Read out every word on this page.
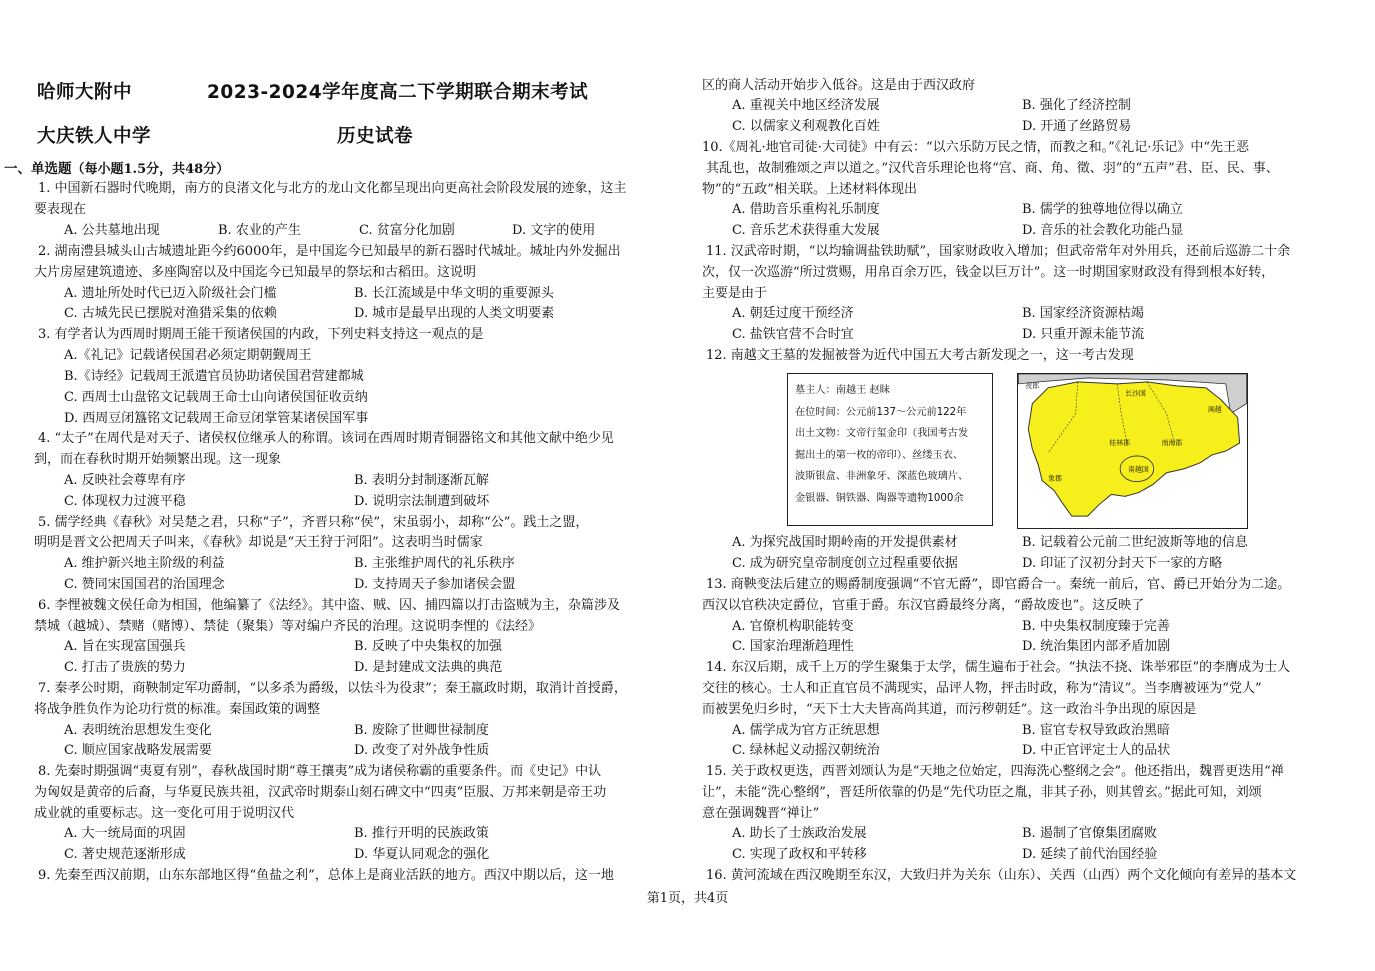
哈师大附中	2023-2024学年度高二下学期联合期末考试
大庆铁人中学	历史试卷
一、单选题（每小题1.5分，共48分）
1. 中国新石器时代晚期，南方的良渚文化与北方的龙山文化都呈现出向更高社会阶段发展的迹象，这主
要表现在
A. 公共墓地出现	B. 农业的产生	C. 贫富分化加剧	D. 文字的使用
2. 湖南澧县城头山古城遗址距今约6000年，是中国迄今已知最早的新石器时代城址。城址内外发掘出
大片房屋建筑遗迹、多座陶窑以及中国迄今已知最早的祭坛和古稻田。这说明
A. 遗址所处时代已迈入阶级社会门槛	B. 长江流域是中华文明的重要源头
C. 古城先民已摆脱对渔猎采集的依赖	D. 城市是最早出现的人类文明要素
3. 有学者认为西周时期周王能干预诸侯国的内政，下列史料支持这一观点的是
A.《礼记》记载诸侯国君必须定期朝觐周王
B.《诗经》记载周王派遣官员协助诸侯国君营建都城
C. 西周士山盘铭文记载周王命士山向诸侯国征收贡纳
D. 西周豆闭簋铭文记载周王命豆闭掌管某诸侯国军事
4. “太子”在周代是对天子、诸侯权位继承人的称谓。该词在西周时期青铜器铭文和其他文献中绝少见
到，而在春秋时期开始频繁出现。这一现象
A. 反映社会尊卑有序	B. 表明分封制逐渐瓦解
C. 体现权力过渡平稳	D. 说明宗法制遭到破坏
5. 儒学经典《春秋》对吴楚之君，只称“子”，齐晋只称“侯”，宋虽弱小，却称“公”。践土之盟，
明明是晋文公把周天子叫来，《春秋》却说是“天王狩于河阳”。这表明当时儒家
A. 维护新兴地主阶级的利益	B. 主张维护周代的礼乐秩序
C. 赞同宋国国君的治国理念	D. 支持周天子参加诸侯会盟
6. 李悝被魏文侯任命为相国，他编纂了《法经》。其中盗、贼、囚、捕四篇以打击盗贼为主，杂篇涉及
禁城（越城）、禁赌（赌博）、禁徒（聚集）等对编户齐民的治理。这说明李悝的《法经》
A. 旨在实现富国强兵	B. 反映了中央集权的加强
C. 打击了贵族的势力	D. 是封建成文法典的典范
7. 秦孝公时期，商鞅制定军功爵制，“以多杀为爵级，以怯斗为役隶”；秦王嬴政时期，取消计首授爵，
将战争胜负作为论功行赏的标准。秦国政策的调整
A. 表明统治思想发生变化	B. 废除了世卿世禄制度
C. 顺应国家战略发展需要	D. 改变了对外战争性质
8. 先秦时期强调“夷夏有别”，春秋战国时期“尊王攘夷”成为诸侯称霸的重要条件。而《史记》中认
为匈奴是黄帝的后裔，与华夏民族共祖，汉武帝时期泰山刻石碑文中“四夷”臣服、万邦来朝是帝王功
成业就的重要标志。这一变化可用于说明汉代
A. 大一统局面的巩固	B. 推行开明的民族政策
C. 著史规范逐渐形成	D. 华夏认同观念的强化
9. 先秦至西汉前期，山东东部地区得“鱼盐之利”，总体上是商业活跃的地方。西汉中期以后，这一地
区的商人活动开始步入低谷。这是由于西汉政府
A. 重视关中地区经济发展	B. 强化了经济控制
C. 以儒家义利观教化百姓	D. 开通了丝路贸易
10.《周礼·地官司徒·大司徒》中有云：“以六乐防万民之情，而教之和。”《礼记·乐记》中“先王恶
其乱也，故制雅颂之声以道之。”汉代音乐理论也将“宫、商、角、徵、羽”的“五声”君、臣、民、事、
物”的“五政”相关联。上述材料体现出
A. 借助音乐重构礼乐制度	B. 儒学的独尊地位得以确立
C. 音乐艺术获得重大发展	D. 音乐的社会教化功能凸显
11. 汉武帝时期，“以均输调盐铁助赋”，国家财政收入增加；但武帝常年对外用兵，还前后巡游二十余
次，仅一次巡游“所过赏赐，用帛百余万匹，钱金以巨万计”。这一时期国家财政没有得到根本好转，
主要是由于
A. 朝廷过度干预经济	B. 国家经济资源枯竭
C. 盐铁官营不合时宜	D. 只重开源未能节流
12. 南越文王墓的发掘被誉为近代中国五大考古新发现之一，这一考古发现
A. 为探究战国时期岭南的开发提供素材	B. 记载着公元前二世纪波斯等地的信息
C. 成为研究皇帝制度创立过程重要依据	D. 印证了汉初分封天下一家的方略
13. 商鞅变法后建立的赐爵制度强调“不官无爵”，即官爵合一。秦统一前后，官、爵已开始分为二途。
西汉以官秩决定爵位，官重于爵。东汉官爵最终分离，“爵故废也”。这反映了
A. 官僚机构职能转变	B. 中央集权制度臻于完善
C. 国家治理渐趋理性	D. 统治集团内部矛盾加剧
14. 东汉后期，成千上万的学生聚集于太学，儒生遍布于社会。“执法不挠、诛举邪臣”的李膺成为士人
交往的核心。士人和正直官员不满现实，品评人物，抨击时政，称为“清议”。当李膺被诬为“党人”
而被罢免归乡时，“天下士大夫皆高尚其道，而污秽朝廷”。这一政治斗争出现的原因是
A. 儒学成为官方正统思想	B. 宦官专权导致政治黑暗
C. 绿林起义动摇汉朝统治	D. 中正官评定士人的品状
15. 关于政权更迭，西晋刘颂认为是“天地之位始定，四海洗心整纲之会”。他还指出，魏晋更迭用“禅
让”，未能“洗心整纲”，晋廷所依靠的仍是“先代功臣之胤，非其子孙，则其曾玄。”据此可知，刘颂
意在强调魏晋“禅让”
A. 助长了士族政治发展	B. 遏制了官僚集团腐败
C. 实现了政权和平转移	D. 延续了前代治国经验
16. 黄河流域在西汉晚期至东汉，大致归并为关东（山东）、关西（山西）两个文化倾向有差异的基本文
墓主人：南越王 赵眜
在位时间：公元前137～公元前122年
出土文物：文帝行玺金印（我国考古发
掘出土的第一枚的帝印）、丝缕玉衣、
波斯银盒、非洲象牙、深蓝色玻璃片、
金银器、铜铁器、陶器等遗物1000余
夜郎
长沙国
闽越
桂林郡	南海郡
南越国
象郡
第1页，共4页
